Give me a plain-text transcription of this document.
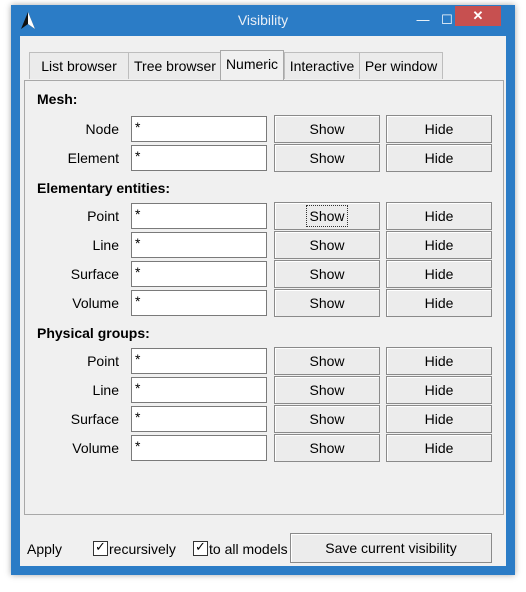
Visibility	— ☐	✕
List browser	Tree browser	Interactive Per window
Numeric
Mesh:
Node *	Show	Hide
Element *	Show	Hide
Elementary entities:
Point *	Show	Hide
Line *	Show	Hide
Surface *	Show	Hide
Volume *	Show	Hide
Physical groups:
Point *	Show	Hide
Line *	Show	Hide
Surface *	Show	Hide
Volume *	Show	Hide
Apply ✓	recursively ✓ to all models	Save current visibility
